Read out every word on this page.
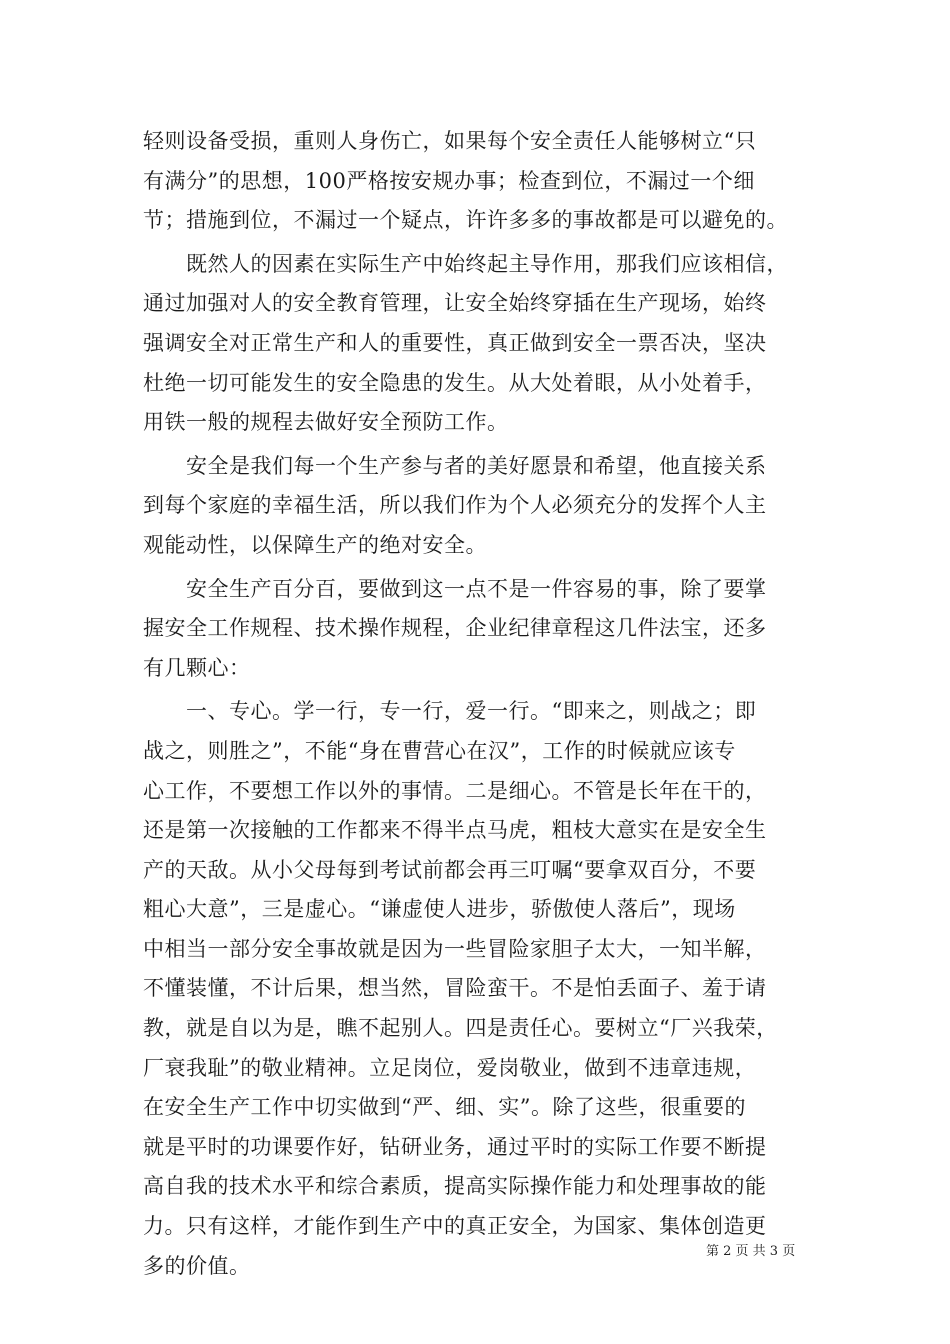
轻则设备受损，重则人身伤亡，如果每个安全责任人能够树立“只
有满分”的思想，100严格按安规办事；检查到位，不漏过一个细
节；措施到位，不漏过一个疑点，许许多多的事故都是可以避免的。
既然人的因素在实际生产中始终起主导作用，那我们应该相信，
通过加强对人的安全教育管理，让安全始终穿插在生产现场，始终
强调安全对正常生产和人的重要性，真正做到安全一票否决，坚决
杜绝一切可能发生的安全隐患的发生。从大处着眼，从小处着手，
用铁一般的规程去做好安全预防工作。
安全是我们每一个生产参与者的美好愿景和希望，他直接关系
到每个家庭的幸福生活，所以我们作为个人必须充分的发挥个人主
观能动性，以保障生产的绝对安全。
安全生产百分百，要做到这一点不是一件容易的事，除了要掌
握安全工作规程、技术操作规程，企业纪律章程这几件法宝，还多
有几颗心：
一、专心。学一行，专一行，爱一行。“即来之，则战之；即
战之，则胜之”，不能“身在曹营心在汉”，工作的时候就应该专
心工作，不要想工作以外的事情。二是细心。不管是长年在干的，
还是第一次接触的工作都来不得半点马虎，粗枝大意实在是安全生
产的天敌。从小父母每到考试前都会再三叮嘱“要拿双百分，不要
粗心大意”，三是虚心。“谦虚使人进步，骄傲使人落后”，现场
中相当一部分安全事故就是因为一些冒险家胆子太大，一知半解，
不懂装懂，不计后果，想当然，冒险蛮干。不是怕丢面子、羞于请
教，就是自以为是，瞧不起别人。四是责任心。要树立“厂兴我荣，
厂衰我耻”的敬业精神。立足岗位，爱岗敬业，做到不违章违规，
在安全生产工作中切实做到“严、细、实”。除了这些，很重要的
就是平时的功课要作好，钻研业务，通过平时的实际工作要不断提
高自我的技术水平和综合素质，提高实际操作能力和处理事故的能
力。只有这样，才能作到生产中的真正安全，为国家、集体创造更
多的价值。
第 2 页 共 3 页
